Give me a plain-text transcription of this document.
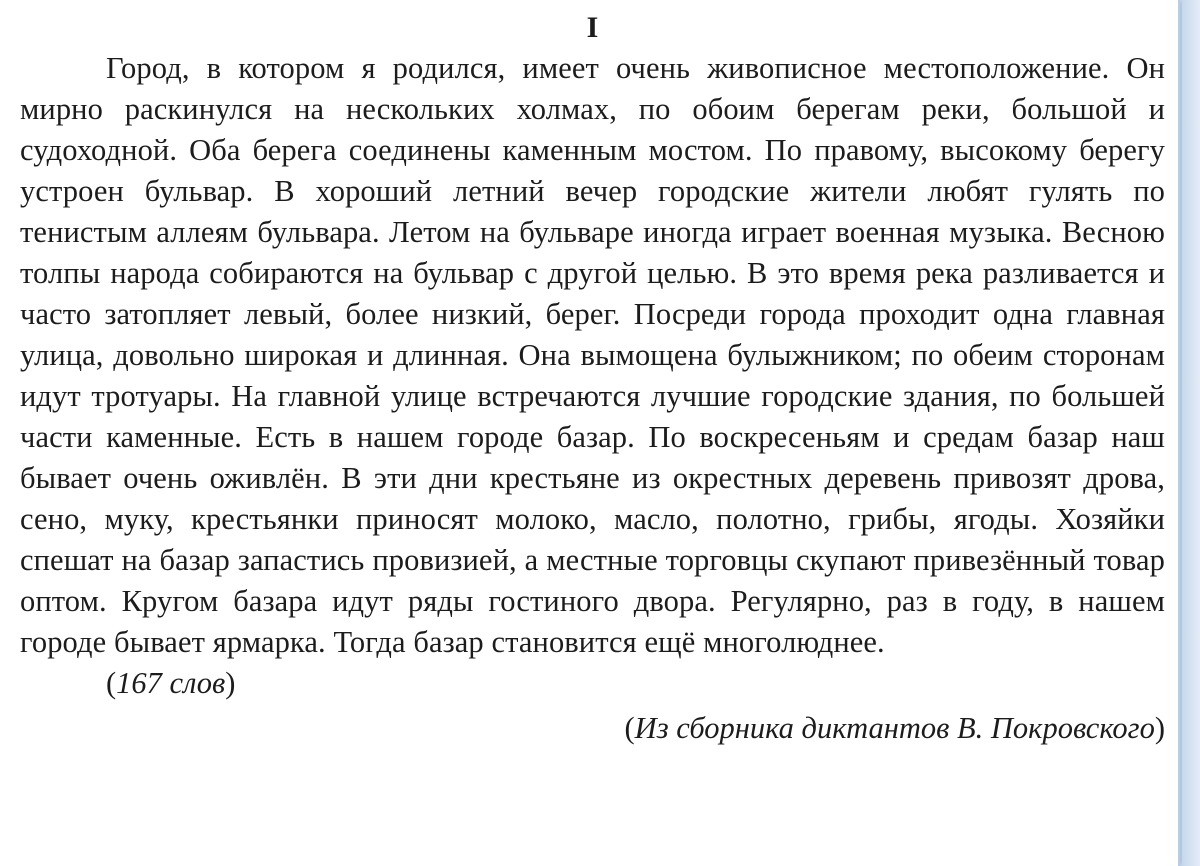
I

Город, в котором я родился, имеет очень живописное местоположение. Он мирно раскинулся на нескольких холмах, по обоим берегам реки, большой и судоходной. Оба берега соединены каменным мостом. По правому, высокому берегу устроен бульвар. В хороший летний вечер городские жители любят гулять по тенистым аллеям бульвара. Летом на бульваре иногда играет военная музыка. Весною толпы народа собираются на бульвар с другой целью. В это время река разливается и часто затопляет левый, более низкий, берег. Посреди города проходит одна главная улица, довольно широкая и длинная. Она вымощена булыжником; по обеим сторонам идут тротуары. На главной улице встречаются лучшие городские здания, по большей части каменные. Есть в нашем городе базар. По воскресеньям и средам базар наш бывает очень оживлён. В эти дни крестьяне из окрестных деревень привозят дрова, сено, муку, крестьянки приносят молоко, масло, полотно, грибы, ягоды. Хозяйки спешат на базар запастись провизией, а местные торговцы скупают привезённый товар оптом. Кругом базара идут ряды гостиного двора. Регулярно, раз в году, в нашем городе бывает ярмарка. Тогда базар становится ещё многолюднее.

(167 слов)

(Из сборника диктантов В. Покровского)
